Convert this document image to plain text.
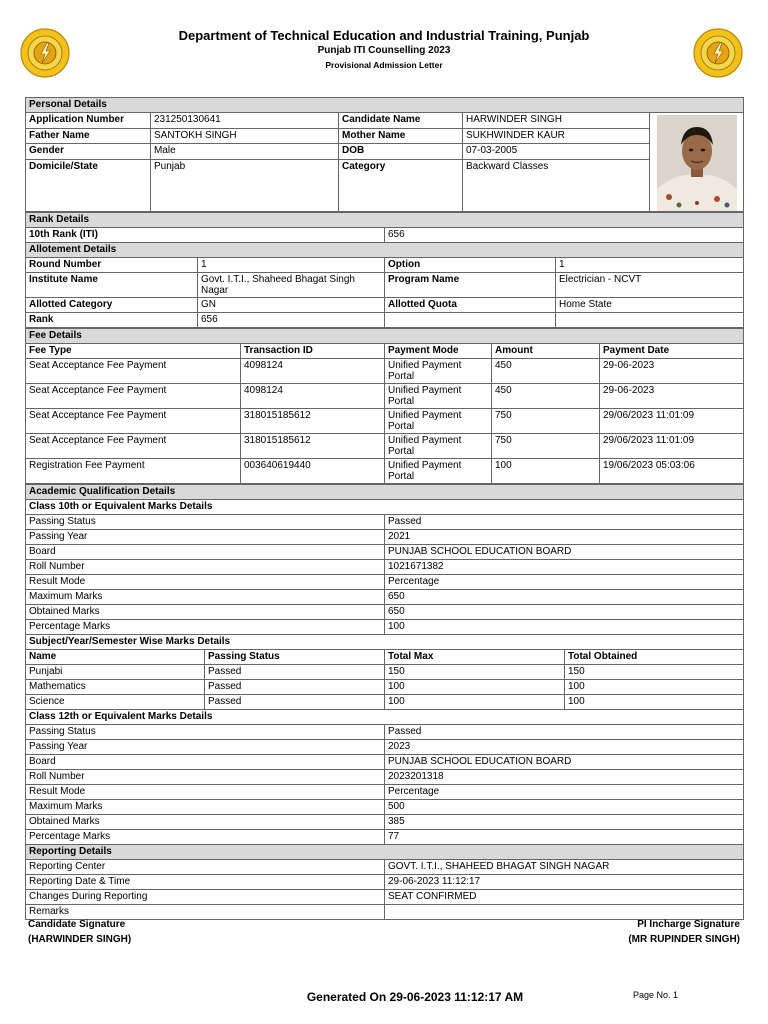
Department of Technical Education and Industrial Training, Punjab
Punjab ITI Counselling 2023
Provisional Admission Letter
Personal Details				
Application Number	231250130641	Candidate Name	HARWINDER SINGH	

Father Name	SANTOKH SINGH	Mother Name	SUKHWINDER KAUR	
Gender	Male	DOB	07-03-2005	
Domicile/State	Punjab	Category	Backward Classes	
Rank Details			
10th Rank (ITI)		656	
Allotement Details			
Round Number	1	Option	1
Institute Name	Govt. I.T.I., Shaheed Bhagat Singh Nagar	Program Name	Electrician - NCVT
Allotted Category	GN	Allotted Quota	Home State
Rank	656		
Fee Details				
Fee Type	Transaction ID	Payment Mode	Amount	Payment Date
Seat Acceptance Fee Payment	4098124	Unified Payment Portal	450	29-06-2023
Seat Acceptance Fee Payment	4098124	Unified Payment Portal	450	29-06-2023
Seat Acceptance Fee Payment	318015185612	Unified Payment Portal	750	29/06/2023 11:01:09
Seat Acceptance Fee Payment	318015185612	Unified Payment Portal	750	29/06/2023 11:01:09
Registration Fee Payment	003640619440	Unified Payment Portal	100	19/06/2023 05:03:06
Academic Qualification Details			
Class 10th or Equivalent Marks Details			
Passing Status		Passed	
Passing Year		2021	
Board		PUNJAB SCHOOL EDUCATION BOARD	
Roll Number		1021671382	
Result Mode		Percentage	
Maximum Marks		650	
Obtained Marks		650	
Percentage Marks		100	
Subject/Year/Semester Wise Marks Details			
Name	Passing Status	Total Max	Total Obtained
Punjabi	Passed	150	150
Mathematics	Passed	100	100
Science	Passed	100	100
Class 12th or Equivalent Marks Details			
Passing Status		Passed	
Passing Year		2023	
Board		PUNJAB SCHOOL EDUCATION BOARD	
Roll Number		2023201318	
Result Mode		Percentage	
Maximum Marks		500	
Obtained Marks		385	
Percentage Marks		77	
Reporting Details			
Reporting Center		GOVT. I.T.I., SHAHEED BHAGAT SINGH NAGAR	
Reporting Date & Time		29-06-2023 11:12:17	
Changes During Reporting		SEAT CONFIRMED	
Remarks			
Candidate Signature
(HARWINDER SINGH)
PI Incharge Signature
(MR RUPINDER SINGH)
Generated On 29-06-2023 11:12:17 AM	Page No. 1
